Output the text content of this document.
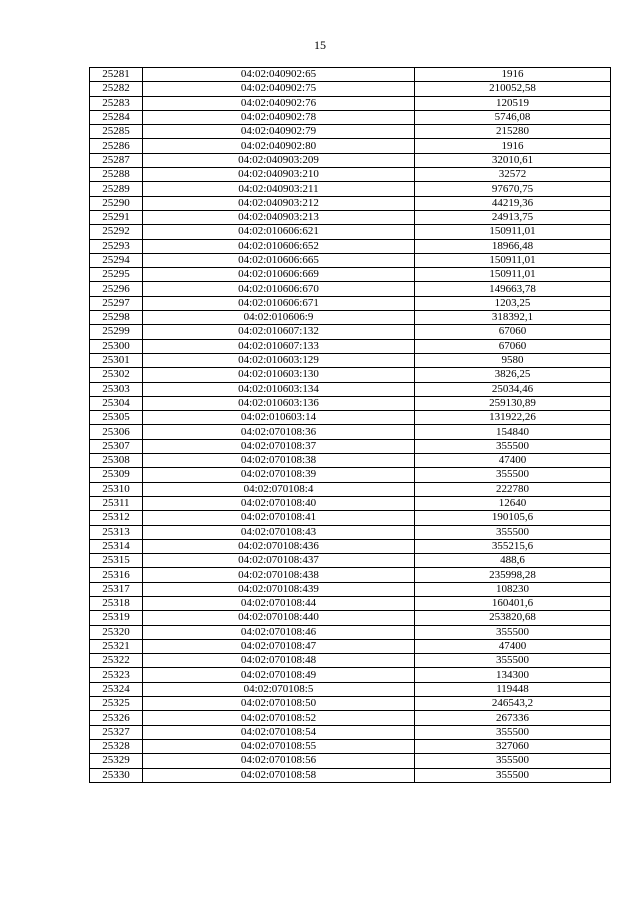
15
25281	04:02:040902:65	1916
25282	04:02:040902:75	210052,58
25283	04:02:040902:76	120519
25284	04:02:040902:78	5746,08
25285	04:02:040902:79	215280
25286	04:02:040902:80	1916
25287	04:02:040903:209	32010,61
25288	04:02:040903:210	32572
25289	04:02:040903:211	97670,75
25290	04:02:040903:212	44219,36
25291	04:02:040903:213	24913,75
25292	04:02:010606:621	150911,01
25293	04:02:010606:652	18966,48
25294	04:02:010606:665	150911,01
25295	04:02:010606:669	150911,01
25296	04:02:010606:670	149663,78
25297	04:02:010606:671	1203,25
25298	04:02:010606:9	318392,1
25299	04:02:010607:132	67060
25300	04:02:010607:133	67060
25301	04:02:010603:129	9580
25302	04:02:010603:130	3826,25
25303	04:02:010603:134	25034,46
25304	04:02:010603:136	259130,89
25305	04:02:010603:14	131922,26
25306	04:02:070108:36	154840
25307	04:02:070108:37	355500
25308	04:02:070108:38	47400
25309	04:02:070108:39	355500
25310	04:02:070108:4	222780
25311	04:02:070108:40	12640
25312	04:02:070108:41	190105,6
25313	04:02:070108:43	355500
25314	04:02:070108:436	355215,6
25315	04:02:070108:437	488,6
25316	04:02:070108:438	235998,28
25317	04:02:070108:439	108230
25318	04:02:070108:44	160401,6
25319	04:02:070108:440	253820,68
25320	04:02:070108:46	355500
25321	04:02:070108:47	47400
25322	04:02:070108:48	355500
25323	04:02:070108:49	134300
25324	04:02:070108:5	119448
25325	04:02:070108:50	246543,2
25326	04:02:070108:52	267336
25327	04:02:070108:54	355500
25328	04:02:070108:55	327060
25329	04:02:070108:56	355500
25330	04:02:070108:58	355500
